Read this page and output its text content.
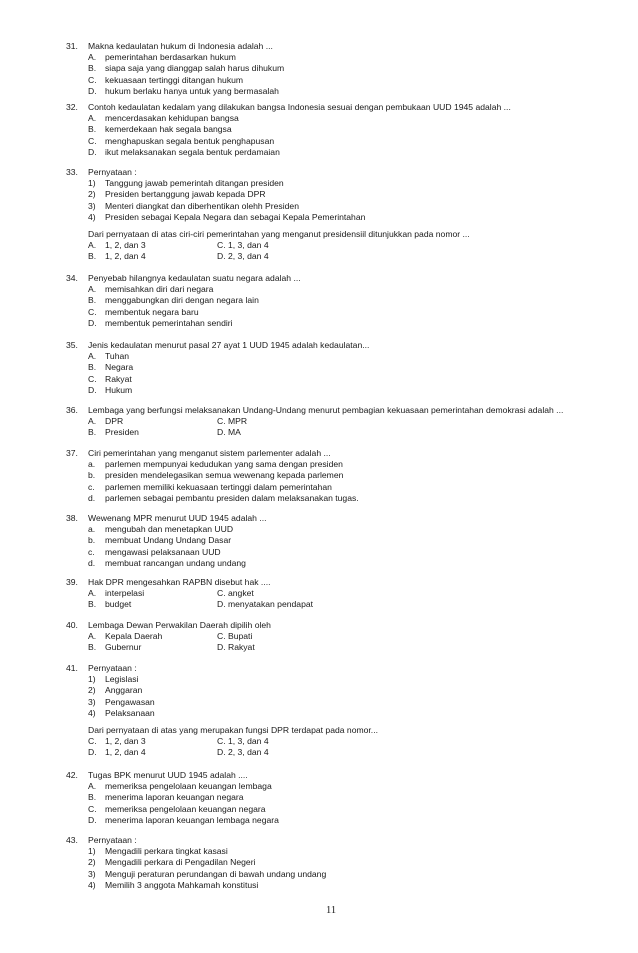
31. Makna kedaulatan hukum di Indonesia adalah ...
A. pemerintahan berdasarkan hukum
B. siapa saja yang dianggap salah harus dihukum
C. kekuasaan tertinggi ditangan hukum
D. hukum berlaku hanya untuk yang bermasalah
32. Contoh kedaulatan kedalam yang dilakukan bangsa Indonesia sesuai dengan pembukaan UUD 1945 adalah ...
A. mencerdasakan kehidupan bangsa
B. kemerdekaan hak segala bangsa
C. menghapuskan segala bentuk penghapusan
D. ikut melaksanakan segala bentuk perdamaian
33. Pernyataan :
1) Tanggung jawab pemerintah ditangan presiden
2) Presiden bertanggung jawab kepada DPR
3) Menteri diangkat dan diberhentikan olehh Presiden
4) Presiden sebagai Kepala Negara dan sebagai Kepala Pemerintahan
Dari pernyataan di atas ciri-ciri pemerintahan yang menganut presidensiil ditunjukkan pada nomor ...
A. 1, 2, dan 3	C. 1, 3, dan 4
B. 1, 2, dan 4	D. 2, 3, dan 4
34. Penyebab hilangnya kedaulatan suatu negara adalah ...
A. memisahkan diri dari negara
B. menggabungkan diri dengan negara lain
C. membentuk negara baru
D. membentuk pemerintahan sendiri
35. Jenis kedaulatan menurut pasal 27 ayat 1 UUD 1945 adalah kedaulatan...
A. Tuhan
B. Negara
C. Rakyat
D. Hukum
36. Lembaga yang berfungsi melaksanakan Undang-Undang menurut pembagian kekuasaan pemerintahan demokrasi adalah ...
A. DPR	C. MPR
B. Presiden	D. MA
37. Ciri pemerintahan yang menganut sistem parlementer adalah ...
a. parlemen mempunyai kedudukan yang sama dengan presiden
b. presiden mendelegasikan semua wewenang kepada parlemen
c. parlemen memiliki kekuasaan tertinggi dalam pemerintahan
d. parlemen sebagai pembantu presiden dalam melaksanakan tugas.
38. Wewenang MPR menurut UUD 1945 adalah ...
a. mengubah dan menetapkan UUD
b. membuat Undang Undang Dasar
c. mengawasi pelaksanaan UUD
d. membuat rancangan undang undang
39. Hak DPR mengesahkan RAPBN disebut hak ....
A. interpelasi	C. angket
B. budget	D. menyatakan pendapat
40. Lembaga Dewan Perwakilan Daerah dipilih oleh
A. Kepala Daerah	C. Bupati
B. Gubernur	D. Rakyat
41. Pernyataan :
1) Legislasi
2) Anggaran
3) Pengawasan
4) Pelaksanaan
Dari pernyataan di atas yang merupakan fungsi DPR terdapat pada nomor...
C. 1, 2, dan 3	C. 1, 3, dan 4
D. 1, 2, dan 4	D. 2, 3, dan 4
42. Tugas BPK menurut UUD 1945 adalah ....
A. memeriksa pengelolaan keuangan lembaga
B. menerima laporan keuangan negara
C. memeriksa pengelolaan keuangan negara
D. menerima laporan keuangan lembaga negara
43. Pernyataan :
1) Mengadili perkara tingkat kasasi
2) Mengadili perkara di Pengadilan Negeri
3) Menguji peraturan perundangan di bawah undang undang
4) Memilih 3 anggota Mahkamah konstitusi
11
